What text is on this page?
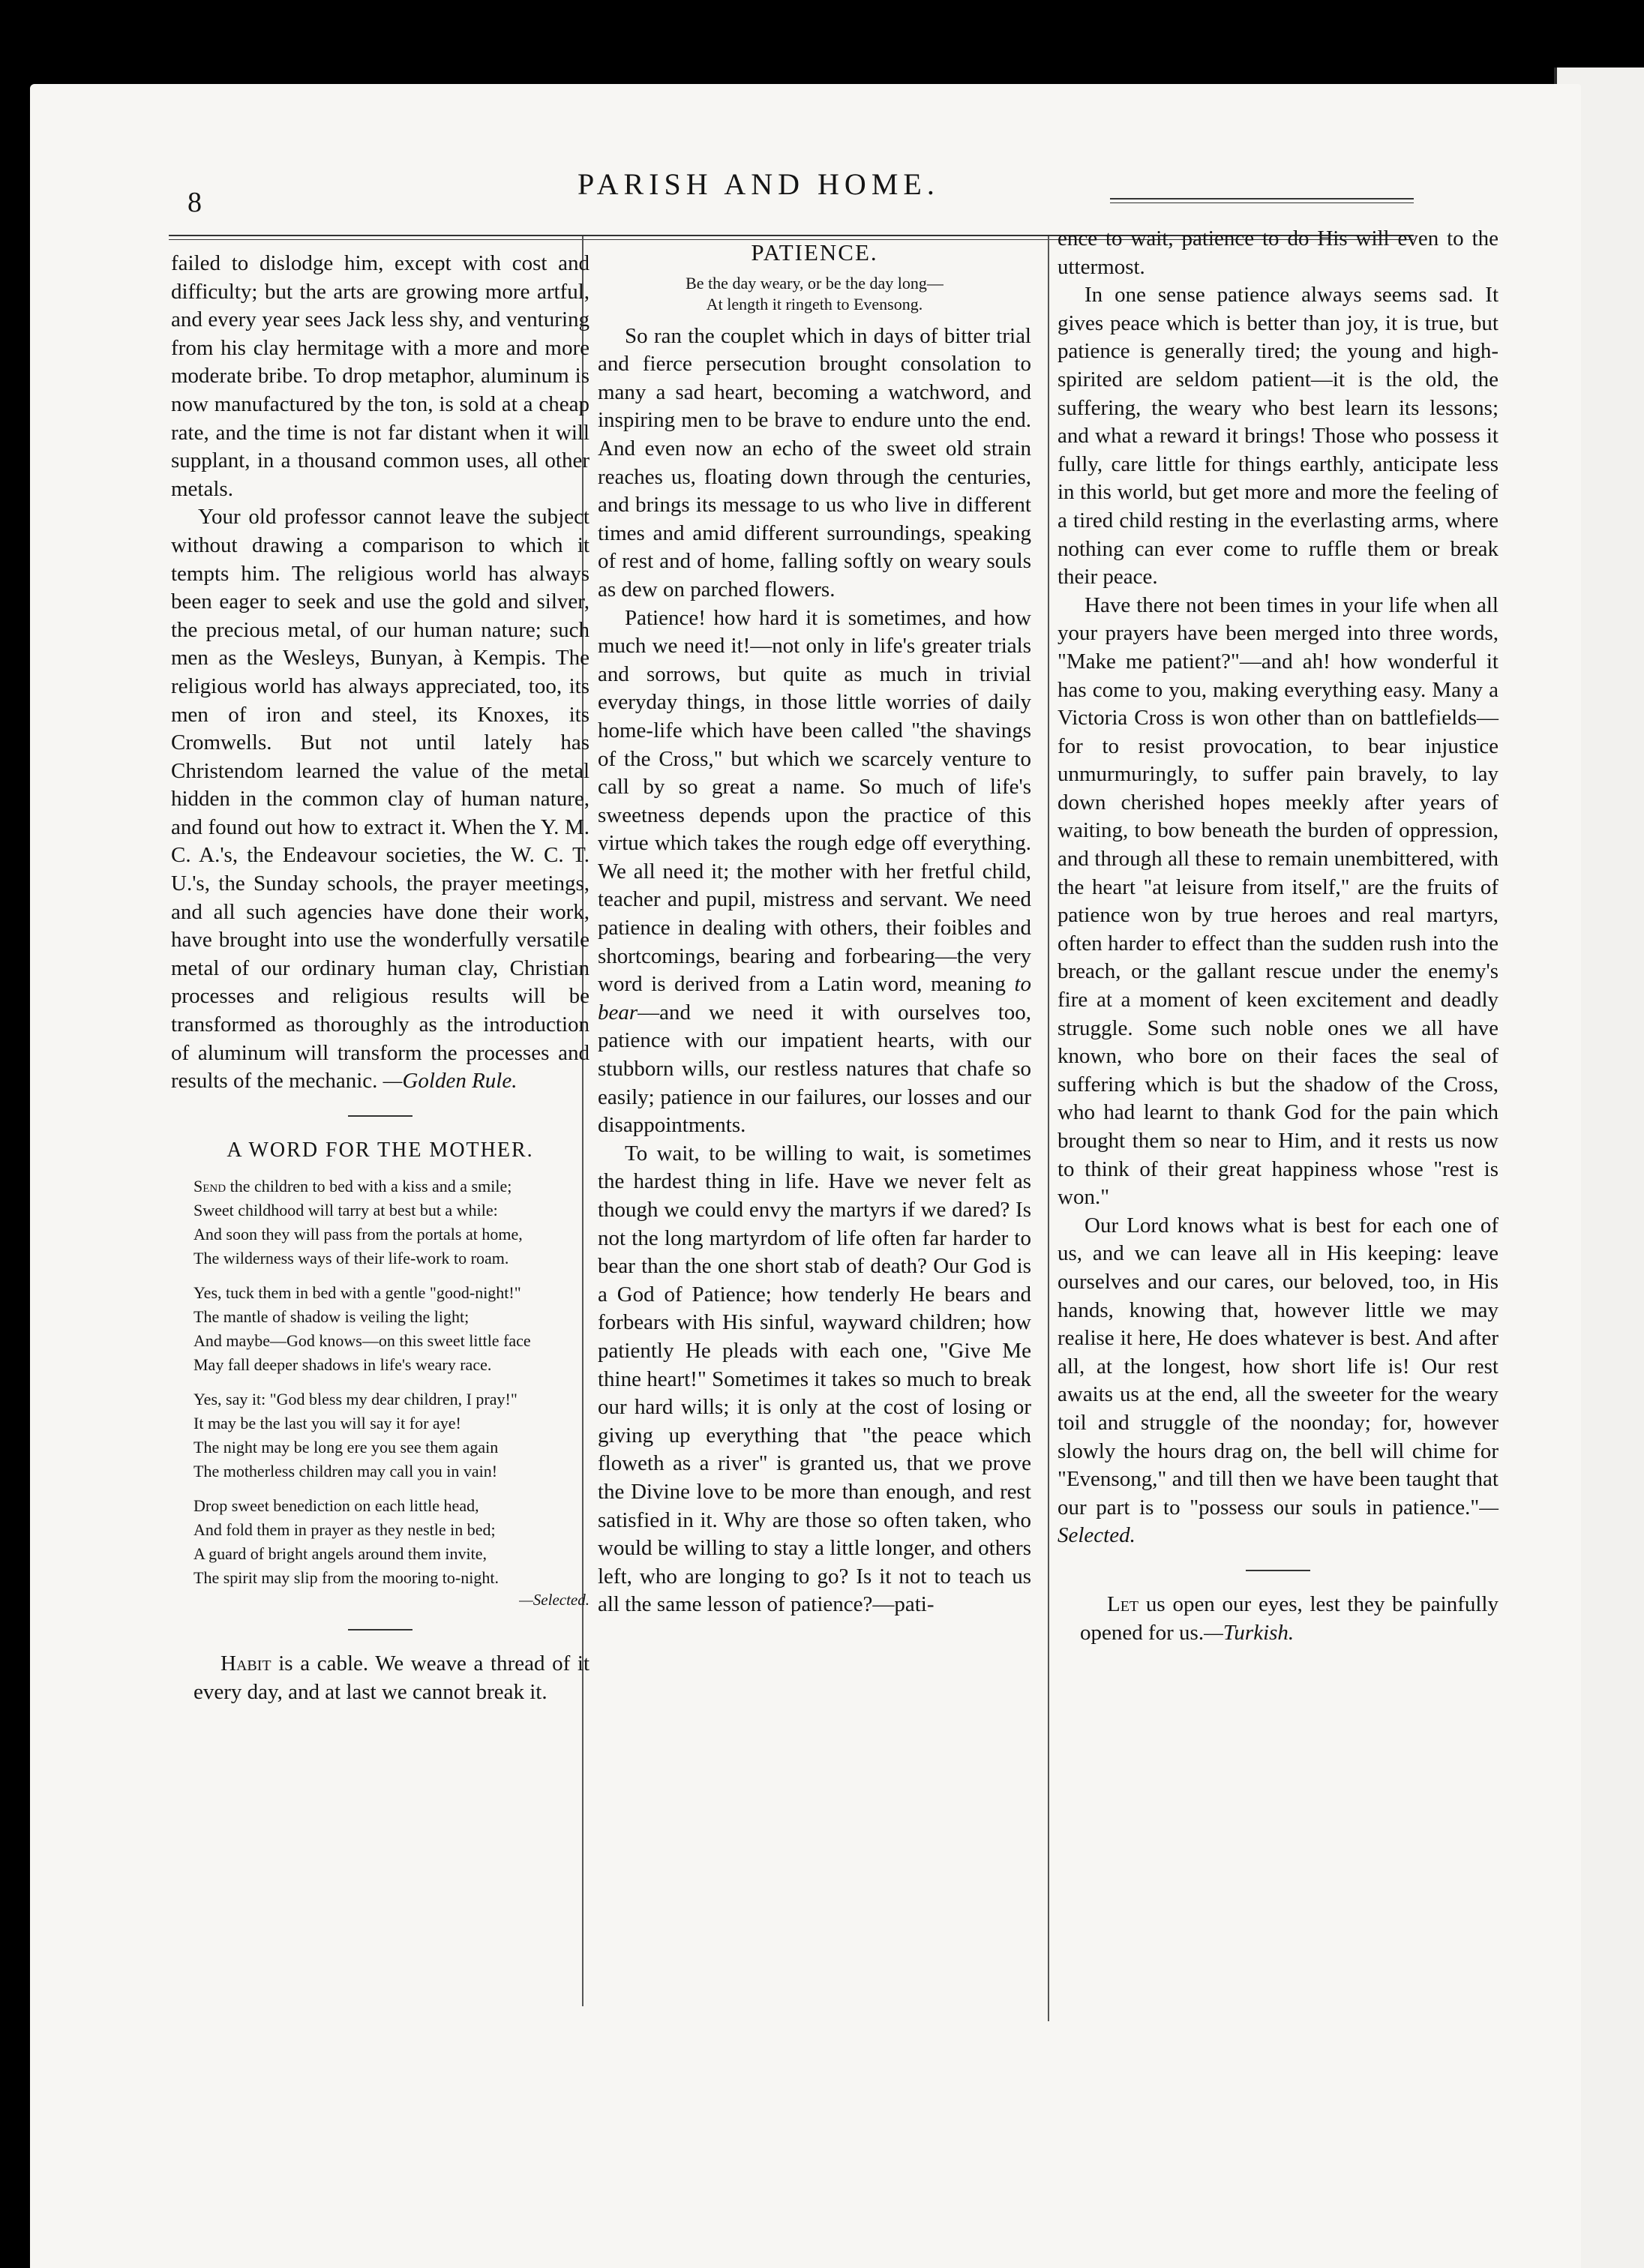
8
PARISH AND HOME.

failed to dislodge him, except with cost and difficulty; but the arts are growing more artful, and every year sees Jack less shy, and venturing from his clay hermitage with a more and more moderate bribe. To drop metaphor, aluminum is now manufactured by the ton, is sold at a cheap rate, and the time is not far distant when it will supplant, in a thousand common uses, all other metals.

Your old professor cannot leave the subject without drawing a comparison to which it tempts him. The religious world has always been eager to seek and use the gold and silver, the precious metal, of our human nature; such men as the Wesleys, Bunyan, à Kempis. The religious world has always appreciated, too, its men of iron and steel, its Knoxes, its Cromwells. But not until lately has Christendom learned the value of the metal hidden in the common clay of human nature, and found out how to extract it. When the Y. M. C. A.'s, the Endeavour societies, the W. C. T. U.'s, the Sunday schools, the prayer meetings, and all such agencies have done their work, have brought into use the wonderfully versatile metal of our ordinary human clay, Christian processes and religious results will be transformed as thoroughly as the introduction of aluminum will transform the processes and results of the mechanic. —Golden Rule.

A WORD FOR THE MOTHER.
Send the children to bed with a kiss and a smile;
Sweet childhood will tarry at best but a while:
And soon they will pass from the portals at home,
The wilderness ways of their life-work to roam.
Yes, tuck them in bed with a gentle "good-night!"
The mantle of shadow is veiling the light;
And maybe—God knows—on this sweet little face
May fall deeper shadows in life's weary race.
Yes, say it: "God bless my dear children, I pray!"
It may be the last you will say it for aye!
The night may be long ere you see them again
The motherless children may call you in vain!
Drop sweet benediction on each little head,
And fold them in prayer as they nestle in bed;
A guard of bright angels around them invite,
The spirit may slip from the mooring to-night.
—Selected.

Habit is a cable. We weave a thread of it every day, and at last we cannot break it.

PATIENCE.
Be the day weary, or be the day long—
At length it ringeth to Evensong.

So ran the couplet which in days of bitter trial and fierce persecution brought consolation to many a sad heart, becoming a watchword, and inspiring men to be brave to endure unto the end. And even now an echo of the sweet old strain reaches us, floating down through the centuries, and brings its message to us who live in different times and amid different surroundings, speaking of rest and of home, falling softly on weary souls as dew on parched flowers.

Patience! how hard it is sometimes, and how much we need it!—not only in life's greater trials and sorrows, but quite as much in trivial everyday things, in those little worries of daily home-life which have been called "the shavings of the Cross," but which we scarcely venture to call by so great a name. So much of life's sweetness depends upon the practice of this virtue which takes the rough edge off everything. We all need it; the mother with her fretful child, teacher and pupil, mistress and servant. We need patience in dealing with others, their foibles and shortcomings, bearing and forbearing—the very word is derived from a Latin word, meaning to bear—and we need it with ourselves too, patience with our impatient hearts, with our stubborn wills, our restless natures that chafe so easily; patience in our failures, our losses and our disappointments.

To wait, to be willing to wait, is sometimes the hardest thing in life. Have we never felt as though we could envy the martyrs if we dared? Is not the long martyrdom of life often far harder to bear than the one short stab of death? Our God is a God of Patience; how tenderly He bears and forbears with His sinful, wayward children; how patiently He pleads with each one, "Give Me thine heart!" Sometimes it takes so much to break our hard wills; it is only at the cost of losing or giving up everything that "the peace which floweth as a river" is granted us, that we prove the Divine love to be more than enough, and rest satisfied in it. Why are those so often taken, who would be willing to stay a little longer, and others left, who are longing to go? Is it not to teach us all the same lesson of patience?—pati-

ence to wait, patience to do His will even to the uttermost.

In one sense patience always seems sad. It gives peace which is better than joy, it is true, but patience is generally tired; the young and high-spirited are seldom patient—it is the old, the suffering, the weary who best learn its lessons; and what a reward it brings! Those who possess it fully, care little for things earthly, anticipate less in this world, but get more and more the feeling of a tired child resting in the everlasting arms, where nothing can ever come to ruffle them or break their peace.

Have there not been times in your life when all your prayers have been merged into three words, "Make me patient?"—and ah! how wonderful it has come to you, making everything easy. Many a Victoria Cross is won other than on battlefields—for to resist provocation, to bear injustice unmurmuringly, to suffer pain bravely, to lay down cherished hopes meekly after years of waiting, to bow beneath the burden of oppression, and through all these to remain unembittered, with the heart "at leisure from itself," are the fruits of patience won by true heroes and real martyrs, often harder to effect than the sudden rush into the breach, or the gallant rescue under the enemy's fire at a moment of keen excitement and deadly struggle. Some such noble ones we all have known, who bore on their faces the seal of suffering which is but the shadow of the Cross, who had learnt to thank God for the pain which brought them so near to Him, and it rests us now to think of their great happiness whose "rest is won."

Our Lord knows what is best for each one of us, and we can leave all in His keeping: leave ourselves and our cares, our beloved, too, in His hands, knowing that, however little we may realise it here, He does whatever is best. And after all, at the longest, how short life is! Our rest awaits us at the end, all the sweeter for the weary toil and struggle of the noonday; for, however slowly the hours drag on, the bell will chime for "Evensong," and till then we have been taught that our part is to "possess our souls in patience."—Selected.

Let us open our eyes, lest they be painfully opened for us.—Turkish.
